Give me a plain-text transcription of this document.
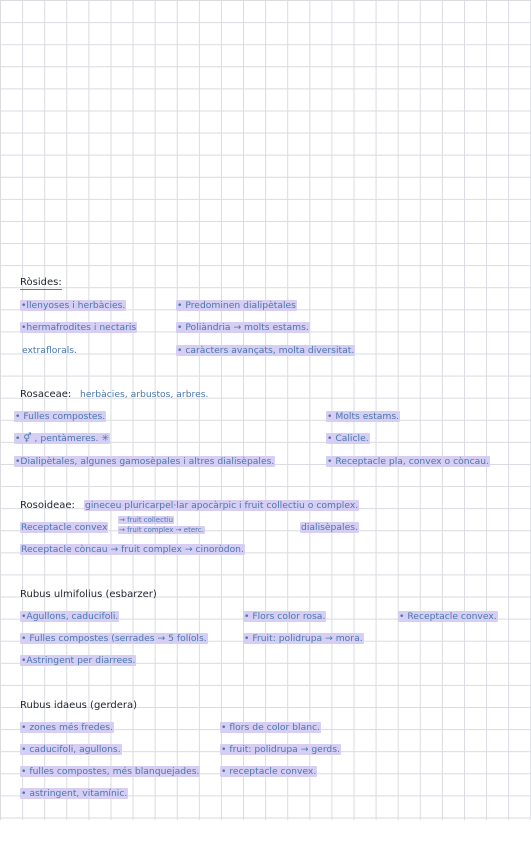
Ròsides:
•llenyoses i herbàcies.
•hermafrodites i nectaris
extraflorals.
• Predominen dialipètales
• Poliàndria → molts estams.
• caràcters avançats, molta diversitat.
Rosaceae: herbàcies, arbustos, arbres.
• Fulles compostes.
• ⚥ , pentàmeres. ✳
•Dialipètales, algunes gamosèpales i altres dialisèpales.
• Molts estams.
• Calicle.
• Receptacle pla, convex o còncau.
Rosoideae: gineceu pluricarpel·lar apocàrpic i fruit collectiu o complex.
Receptacle convex
→ fruit collectiu
→ fruit complex → eterc.	dialisèpales.
Receptacle còncau → fruit complex → cinoròdon.
Rubus ulmifolius (esbarzer)
•Agullons, caducifoli.
• Fulles compostes (serrades → 5 folíols.
•Astringent per diarrees.
• Flors color rosa.
• Fruit: polidrupa → mora.
• Receptacle convex.
Rubus idaeus (gerdera)
• zones més fredes.
• caducifoli, agullons.
• fulles compostes, més blanquejades.
• astringent, vitamínic.
• flors de color blanc.
• fruit: polidrupa → gerds.
• receptacle convex.
